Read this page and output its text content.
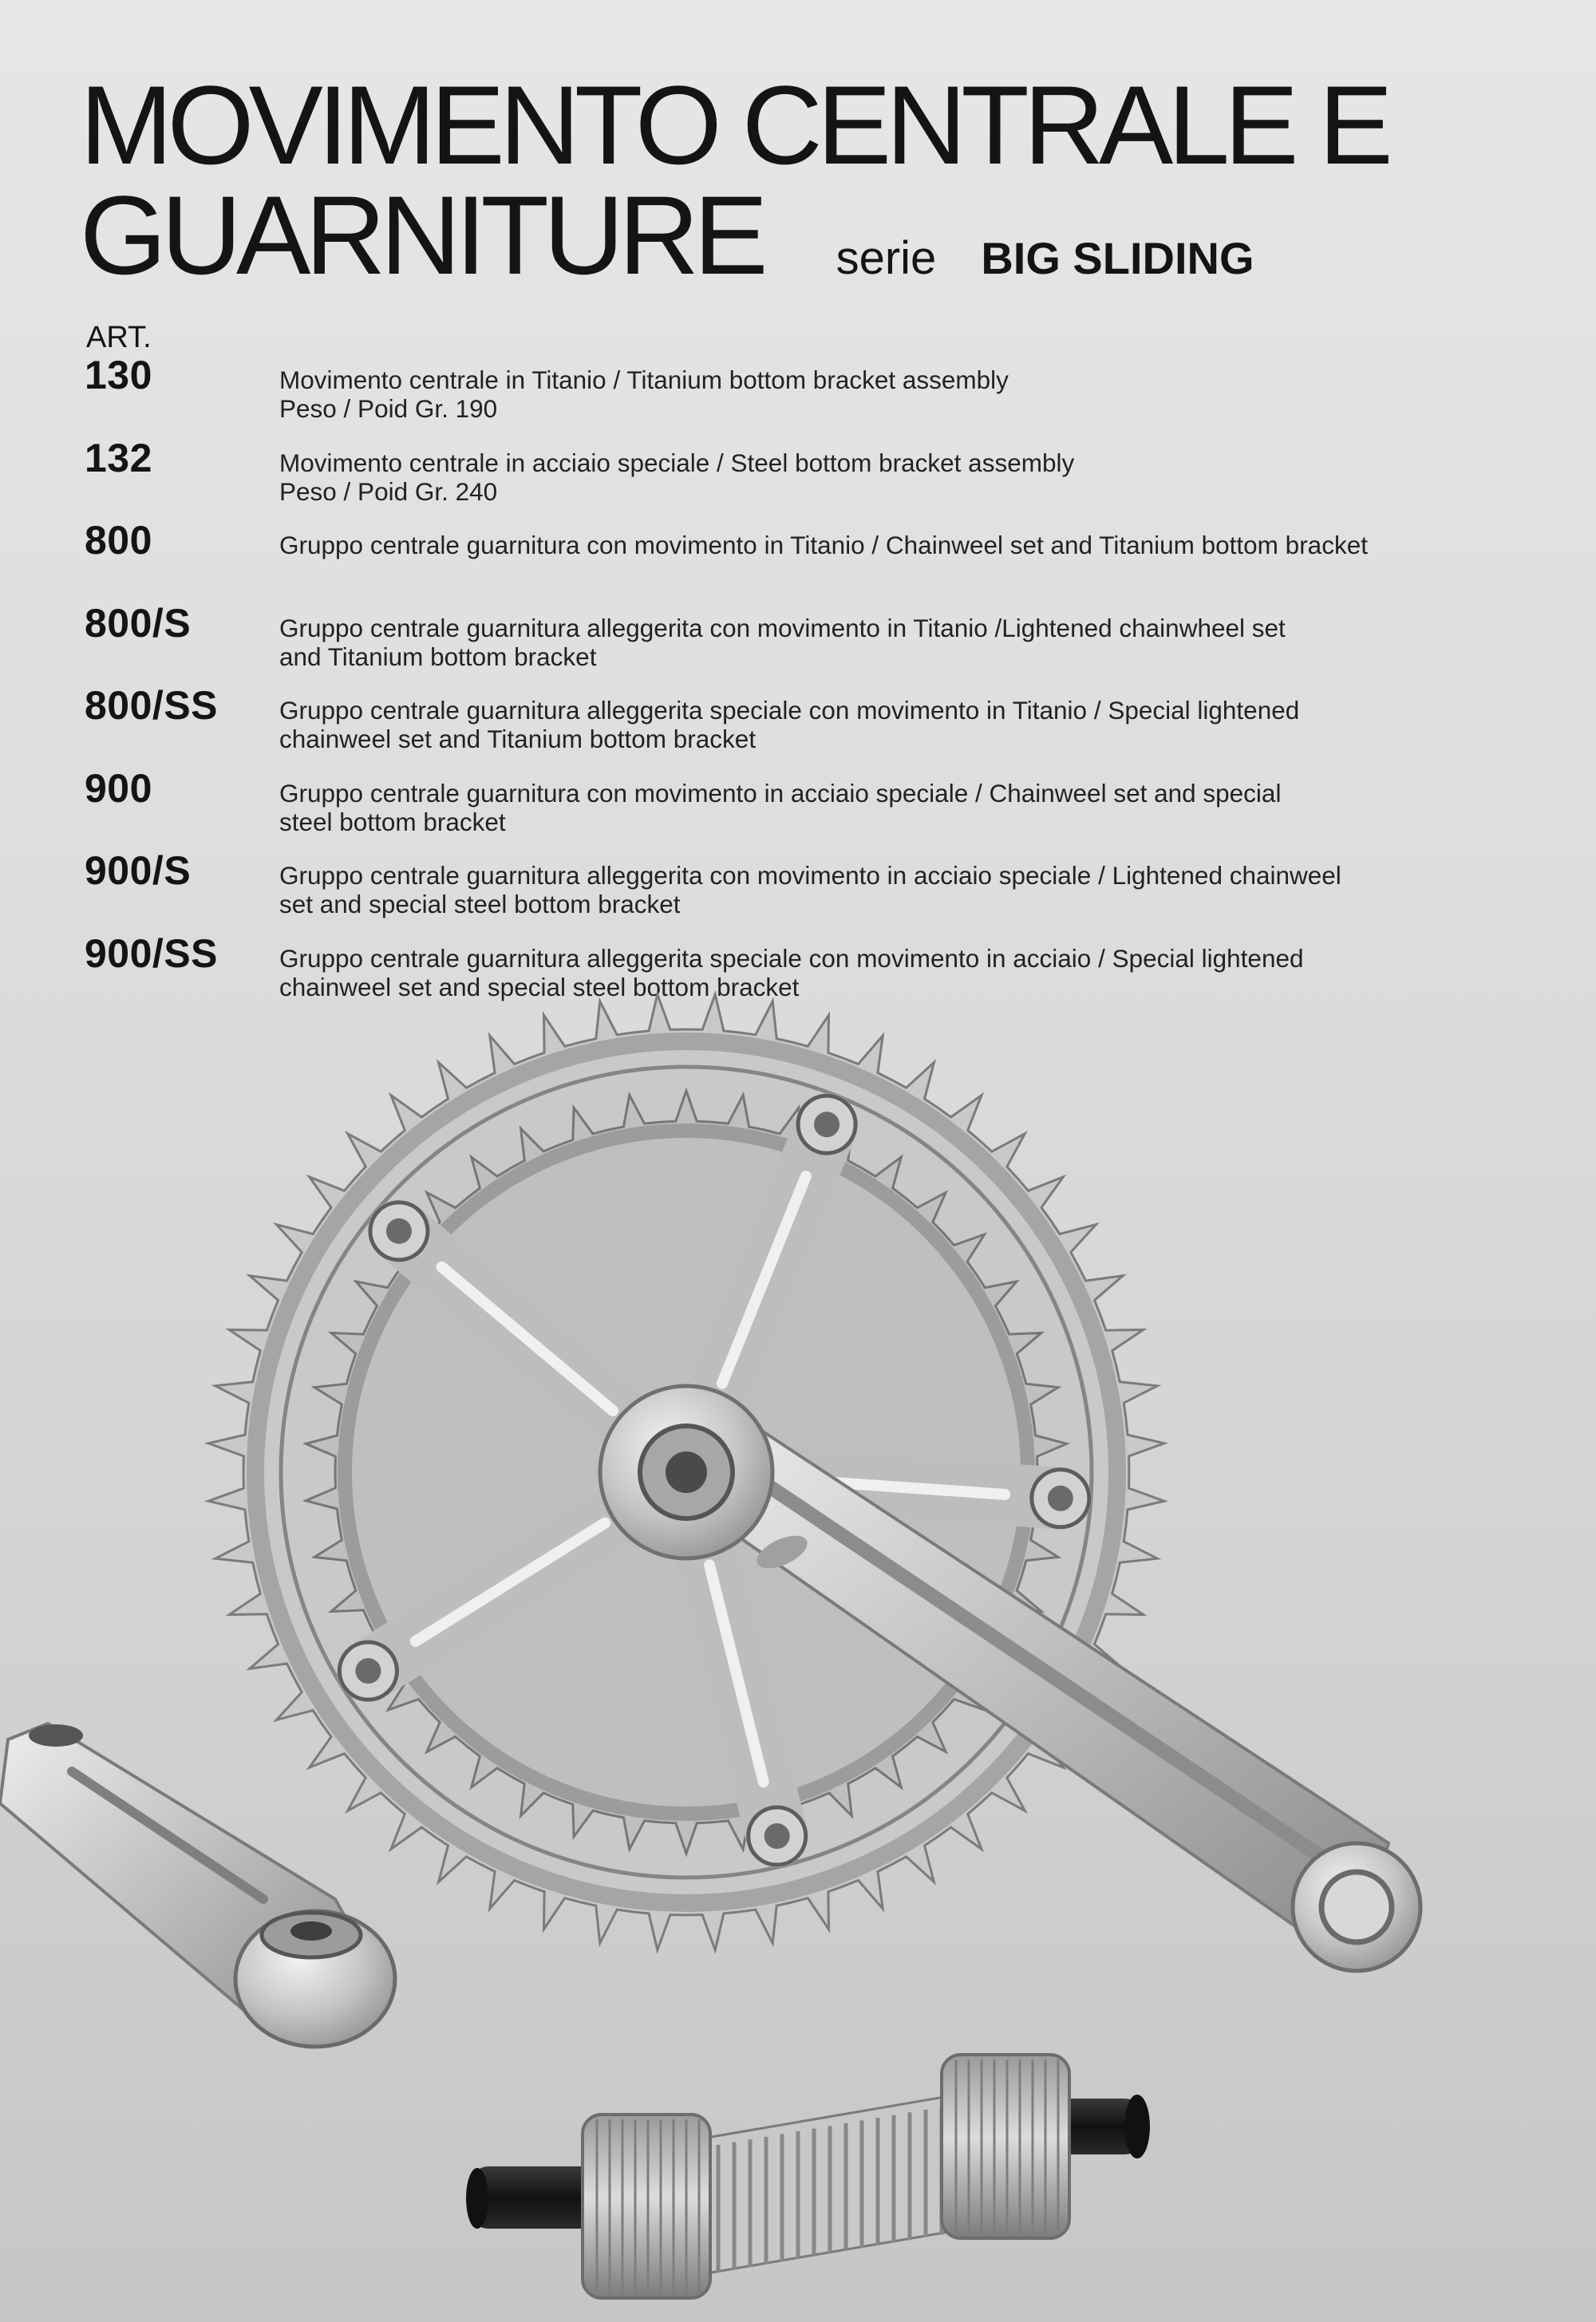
MOVIMENTO CENTRALE E
GUARNITURE serie BIG SLIDING
ART.
130	Movimento centrale in Titanio / Titanium bottom bracket assembly
Peso / Poid Gr. 190
132	Movimento centrale in acciaio speciale / Steel bottom bracket assembly
Peso / Poid Gr. 240
800	Gruppo centrale guarnitura con movimento in Titanio / Chainweel set and Titanium bottom bracket
800/S	Gruppo centrale guarnitura alleggerita con movimento in Titanio /Lightened chainwheel set
and Titanium bottom bracket
800/SS Gruppo centrale guarnitura alleggerita speciale con movimento in Titanio / Special lightened
chainweel set and Titanium bottom bracket
900	Gruppo centrale guarnitura con movimento in acciaio speciale / Chainweel set and special
steel bottom bracket
900/S	Gruppo centrale guarnitura alleggerita con movimento in acciaio speciale / Lightened chainweel
set and special steel bottom bracket
900/SS Gruppo centrale guarnitura alleggerita speciale con movimento in acciaio / Special lightened
chainweel set and special steel bottom bracket
